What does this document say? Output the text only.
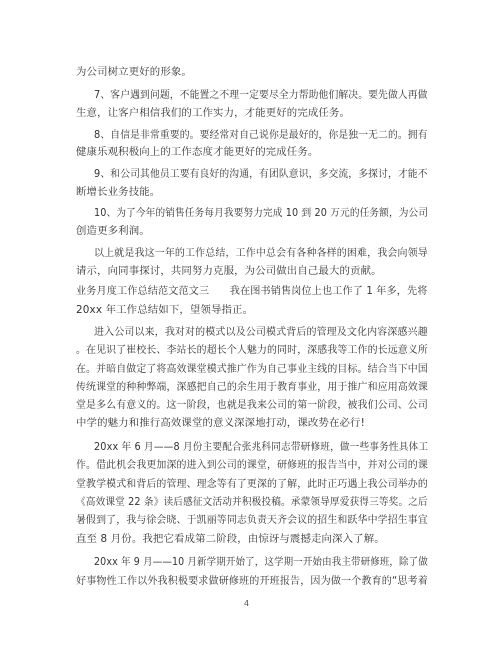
为公司树立更好的形象。
7、客户遇到问题，不能置之不理一定要尽全力帮助他们解决。要先做人再做
生意，让客户相信我们的工作实力，才能更好的完成任务。
8、自信是非常重要的。要经常对自己说你是最好的，你是独一无二的。拥有
健康乐观积极向上的工作态度才能更好的完成任务。
9、和公司其他员工要有良好的沟通，有团队意识，多交流，多探讨，才能不
断增长业务技能。
10、为了今年的销售任务每月我要努力完成 10 到 20 万元的任务额，为公司
创造更多利润。
以上就是我这一年的工作总结，工作中总会有各种各样的困难，我会向领导
请示，向同事探讨，共同努力克服，为公司做出自己最大的贡献。
业务月度工作总结范文范文三　　我在图书销售岗位上也工作了 1 年多，先将
20xx 年工作总结如下，望领导指正。
进入公司以来，我对对的模式以及公司模式背后的管理及文化内容深感兴趣
。在见识了崔校长、李站长的超长个人魅力的同时，深感我等工作的长远意义所
在。并暗自做定了将高效课堂模式推广作为自己事业主线的目标。结合当下中国
传统课堂的种种弊端，深感把自己的余生用于教育事业，用于推广和应用高效课
堂是多么有意义的。这一阶段，也就是我来公司的第一阶段，被我们公司、公司
中学的魅力和推行高效课堂的意义深深地打动，课改势在必行!
20xx 年 6 月——8 月份主要配合张兆科同志带研修班，做一些事务性具体工
作。借此机会我更加深的进入到公司的课堂，研修班的报告当中，并对公司的课
堂教学模式和背后的管理、理念等有了更深的了解，此时正巧遇上我公司举办的
《高效课堂 22 条》读后感征文活动并积极投稿。承蒙领导厚爱获得三等奖。之后
暑假到了，我与徐会晓、于凯丽等同志负责天齐会议的招生和跃华中学招生事宜
直至 8 月份。我把它看成第二阶段，由惊讶与震撼走向深入了解。
20xx 年 9 月——10 月新学期开始了，这学期一开始由我主带研修班，除了做
好事物性工作以外我积极要求做研修班的开班报告，因为做一个教育的“思考着
4
